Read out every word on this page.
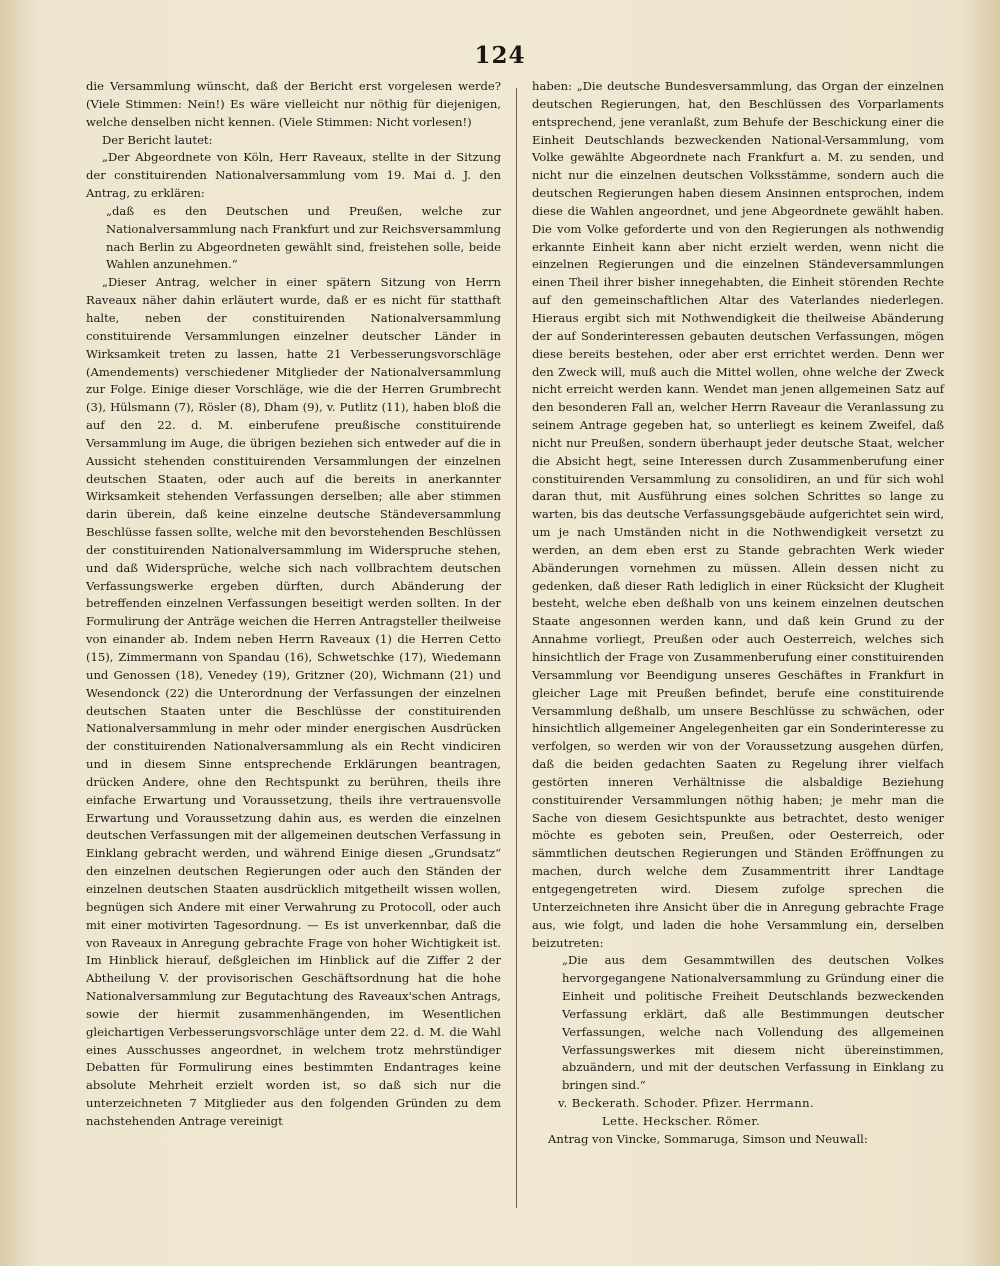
124

die Versammlung wünscht, daß der Bericht erst vorgelesen werde? (Viele Stimmen: Nein!) Es wäre vielleicht nur nöthig für diejenigen, welche denselben nicht kennen. (Viele Stimmen: Nicht vorlesen!)

Der Bericht lautet:

„Der Abgeordnete von Köln, Herr Raveaux, stellte in der Sitzung der constituirenden Nationalversammlung vom 19. Mai d. J. den Antrag, zu erklären:

„daß es den Deutschen und Preußen, welche zur Nationalversammlung nach Frankfurt und zur Reichsversammlung nach Berlin zu Abgeordneten gewählt sind, freistehen solle, beide Wahlen anzunehmen.“

„Dieser Antrag, welcher in einer spätern Sitzung von Herrn Raveaux näher dahin erläutert wurde, daß er es nicht für statthaft halte, neben der constituirenden Nationalversammlung constituirende Versammlungen einzelner deutscher Länder in Wirksamkeit treten zu lassen, hatte 21 Verbesserungsvorschläge (Amendements) verschiedener Mitglieder der Nationalversammlung zur Folge. Einige dieser Vorschläge, wie die der Herren Grumbrecht (3), Hülsmann (7), Rösler (8), Dham (9), v. Putlitz (11), haben bloß die auf den 22. d. M. einberufene preußische constituirende Versammlung im Auge, die übrigen beziehen sich entweder auf die in Aussicht stehenden constituirenden Versammlungen der einzelnen deutschen Staaten, oder auch auf die bereits in anerkannter Wirksamkeit stehenden Verfassungen derselben; alle aber stimmen darin überein, daß keine einzelne deutsche Ständeversammlung Beschlüsse fassen sollte, welche mit den bevorstehenden Beschlüssen der constituirenden Nationalversammlung im Widerspruche stehen, und daß Widersprüche, welche sich nach vollbrachtem deutschen Verfassungswerke ergeben dürften, durch Abänderung der betreffenden einzelnen Verfassungen beseitigt werden sollten. In der Formulirung der Anträge weichen die Herren Antragsteller theilweise von einander ab. Indem neben Herrn Raveaux (1) die Herren Cetto (15), Zimmermann von Spandau (16), Schwetschke (17), Wiedemann und Genossen (18), Venedey (19), Gritzner (20), Wichmann (21) und Wesendonck (22) die Unterordnung der Verfassungen der einzelnen deutschen Staaten unter die Beschlüsse der constituirenden Nationalversammlung in mehr oder minder energischen Ausdrücken der constituirenden Nationalversammlung als ein Recht vindiciren und in diesem Sinne entsprechende Erklärungen beantragen, drücken Andere, ohne den Rechtspunkt zu berühren, theils ihre einfache Erwartung und Voraussetzung, theils ihre vertrauensvolle Erwartung und Voraussetzung dahin aus, es werden die einzelnen deutschen Verfassungen mit der allgemeinen deutschen Verfassung in Einklang gebracht werden, und während Einige diesen „Grundsatz“ den einzelnen deutschen Regierungen oder auch den Ständen der einzelnen deutschen Staaten ausdrücklich mitgetheilt wissen wollen, begnügen sich Andere mit einer Verwahrung zu Protocoll, oder auch mit einer motivirten Tagesordnung. — Es ist unverkennbar, daß die von Raveaux in Anregung gebrachte Frage von hoher Wichtigkeit ist. Im Hinblick hierauf, deßgleichen im Hinblick auf die Ziffer 2 der Abtheilung V. der provisorischen Geschäftsordnung hat die hohe Nationalversammlung zur Begutachtung des Raveaux'schen Antrags, sowie der hiermit zusammenhängenden, im Wesentlichen gleichartigen Verbesserungsvorschläge unter dem 22. d. M. die Wahl eines Ausschusses angeordnet, in welchem trotz mehrstündiger Debatten für Formulirung eines bestimmten Endantrages keine absolute Mehrheit erzielt worden ist, so daß sich nur die unterzeichneten 7 Mitglieder aus den folgenden Gründen zu dem nachstehenden Antrage vereinigt

haben: „Die deutsche Bundesversammlung, das Organ der einzelnen deutschen Regierungen, hat, den Beschlüssen des Vorparlaments entsprechend, jene veranlaßt, zum Behufe der Beschickung einer die Einheit Deutschlands bezweckenden National-Versammlung, vom Volke gewählte Abgeordnete nach Frankfurt a. M. zu senden, und nicht nur die einzelnen deutschen Volksstämme, sondern auch die deutschen Regierungen haben diesem Ansinnen entsprochen, indem diese die Wahlen angeordnet, und jene Abgeordnete gewählt haben. Die vom Volke geforderte und von den Regierungen als nothwendig erkannte Einheit kann aber nicht erzielt werden, wenn nicht die einzelnen Regierungen und die einzelnen Ständeversammlungen einen Theil ihrer bisher innegehabten, die Einheit störenden Rechte auf den gemeinschaftlichen Altar des Vaterlandes niederlegen. Hieraus ergibt sich mit Nothwendigkeit die theilweise Abänderung der auf Sonderinteressen gebauten deutschen Verfassungen, mögen diese bereits bestehen, oder aber erst errichtet werden. Denn wer den Zweck will, muß auch die Mittel wollen, ohne welche der Zweck nicht erreicht werden kann. Wendet man jenen allgemeinen Satz auf den besonderen Fall an, welcher Herrn Raveaur die Veranlassung zu seinem Antrage gegeben hat, so unterliegt es keinem Zweifel, daß nicht nur Preußen, sondern überhaupt jeder deutsche Staat, welcher die Absicht hegt, seine Interessen durch Zusammenberufung einer constituirenden Versammlung zu consolidiren, an und für sich wohl daran thut, mit Ausführung eines solchen Schrittes so lange zu warten, bis das deutsche Verfassungsgebäude aufgerichtet sein wird, um je nach Umständen nicht in die Nothwendigkeit versetzt zu werden, an dem eben erst zu Stande gebrachten Werk wieder Abänderungen vornehmen zu müssen. Allein dessen nicht zu gedenken, daß dieser Rath lediglich in einer Rücksicht der Klugheit besteht, welche eben deßhalb von uns keinem einzelnen deutschen Staate angesonnen werden kann, und daß kein Grund zu der Annahme vorliegt, Preußen oder auch Oesterreich, welches sich hinsichtlich der Frage von Zusammenberufung einer constituirenden Versammlung vor Beendigung unseres Geschäftes in Frankfurt in gleicher Lage mit Preußen befindet, berufe eine constituirende Versammlung deßhalb, um unsere Beschlüsse zu schwächen, oder hinsichtlich allgemeiner Angelegenheiten gar ein Sonderinteresse zu verfolgen, so werden wir von der Voraussetzung ausgehen dürfen, daß die beiden gedachten Saaten zu Regelung ihrer vielfach gestörten inneren Verhältnisse die alsbaldige Beziehung constituirender Versammlungen nöthig haben; je mehr man die Sache von diesem Gesichtspunkte aus betrachtet, desto weniger möchte es geboten sein, Preußen, oder Oesterreich, oder sämmtlichen deutschen Regierungen und Ständen Eröffnungen zu machen, durch welche dem Zusammentritt ihrer Landtage entgegengetreten wird. Diesem zufolge sprechen die Unterzeichneten ihre Ansicht über die in Anregung gebrachte Frage aus, wie folgt, und laden die hohe Versammlung ein, derselben beizutreten:

„Die aus dem Gesammtwillen des deutschen Volkes hervorgegangene Nationalversammlung zu Gründung einer die Einheit und politische Freiheit Deutschlands bezweckenden Verfassung erklärt, daß alle Bestimmungen deutscher Verfassungen, welche nach Vollendung des allgemeinen Verfassungswerkes mit diesem nicht übereinstimmen, abzuändern, und mit der deutschen Verfassung in Einklang zu bringen sind.“

v. Beckerath. Schoder. Pfizer. Herrmann.

Lette. Heckscher. Römer.

Antrag von Vincke, Sommaruga, Simson und Neuwall:
